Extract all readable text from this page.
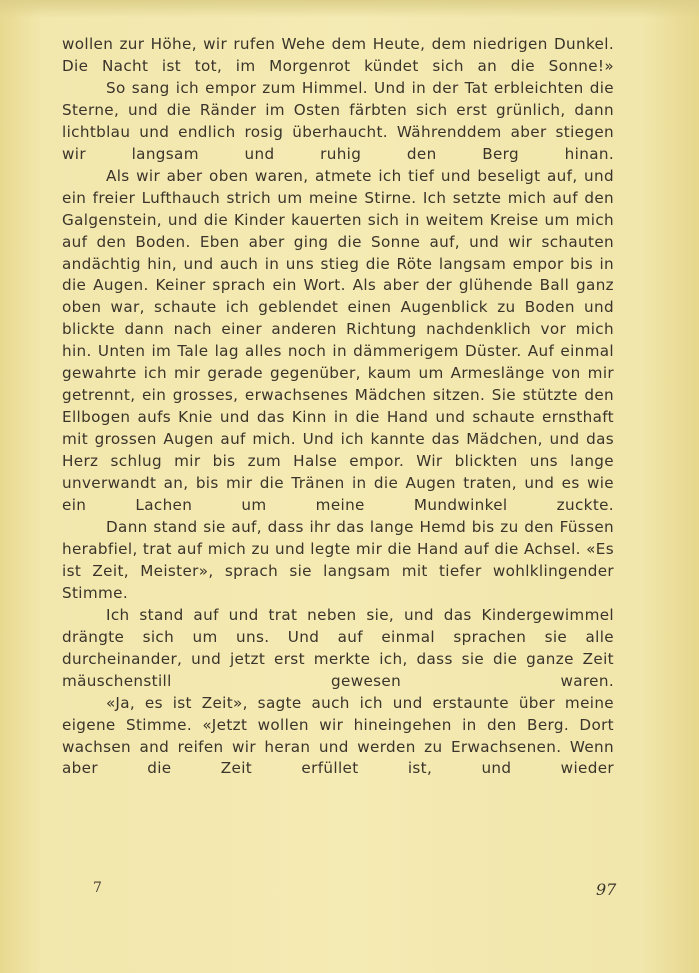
wollen zur Höhe, wir rufen Wehe dem Heute, dem niedrigen Dunkel. Die Nacht ist tot, im Morgenrot kündet sich an die Sonne!»

So sang ich empor zum Himmel. Und in der Tat erbleichten die Sterne, und die Ränder im Osten färbten sich erst grünlich, dann lichtblau und endlich rosig überhaucht. Währenddem aber stiegen wir langsam und ruhig den Berg hinan.

Als wir aber oben waren, atmete ich tief und beseligt auf, und ein freier Lufthauch strich um meine Stirne. Ich setzte mich auf den Galgenstein, und die Kinder kauerten sich in weitem Kreise um mich auf den Boden. Eben aber ging die Sonne auf, und wir schauten andächtig hin, und auch in uns stieg die Röte langsam empor bis in die Augen. Keiner sprach ein Wort. Als aber der glühende Ball ganz oben war, schaute ich geblendet einen Augenblick zu Boden und blickte dann nach einer anderen Richtung nachdenklich vor mich hin. Unten im Tale lag alles noch in dämmerigem Düster. Auf einmal gewahrte ich mir gerade gegenüber, kaum um Armeslänge von mir getrennt, ein grosses, erwachsenes Mädchen sitzen. Sie stützte den Ellbogen aufs Knie und das Kinn in die Hand und schaute ernsthaft mit grossen Augen auf mich. Und ich kannte das Mädchen, und das Herz schlug mir bis zum Halse empor. Wir blickten uns lange unverwandt an, bis mir die Tränen in die Augen traten, und es wie ein Lachen um meine Mundwinkel zuckte.

Dann stand sie auf, dass ihr das lange Hemd bis zu den Füssen herabfiel, trat auf mich zu und legte mir die Hand auf die Achsel. «Es ist Zeit, Meister», sprach sie langsam mit tiefer wohlklingender Stimme.

Ich stand auf und trat neben sie, und das Kindergewimmel drängte sich um uns. Und auf einmal sprachen sie alle durcheinander, und jetzt erst merkte ich, dass sie die ganze Zeit mäuschenstill gewesen waren.

«Ja, es ist Zeit», sagte auch ich und erstaunte über meine eigene Stimme. «Jetzt wollen wir hineingehen in den Berg. Dort wachsen and reifen wir heran und werden zu Erwachsenen. Wenn aber die Zeit erfüllet ist, und wieder

7	97
